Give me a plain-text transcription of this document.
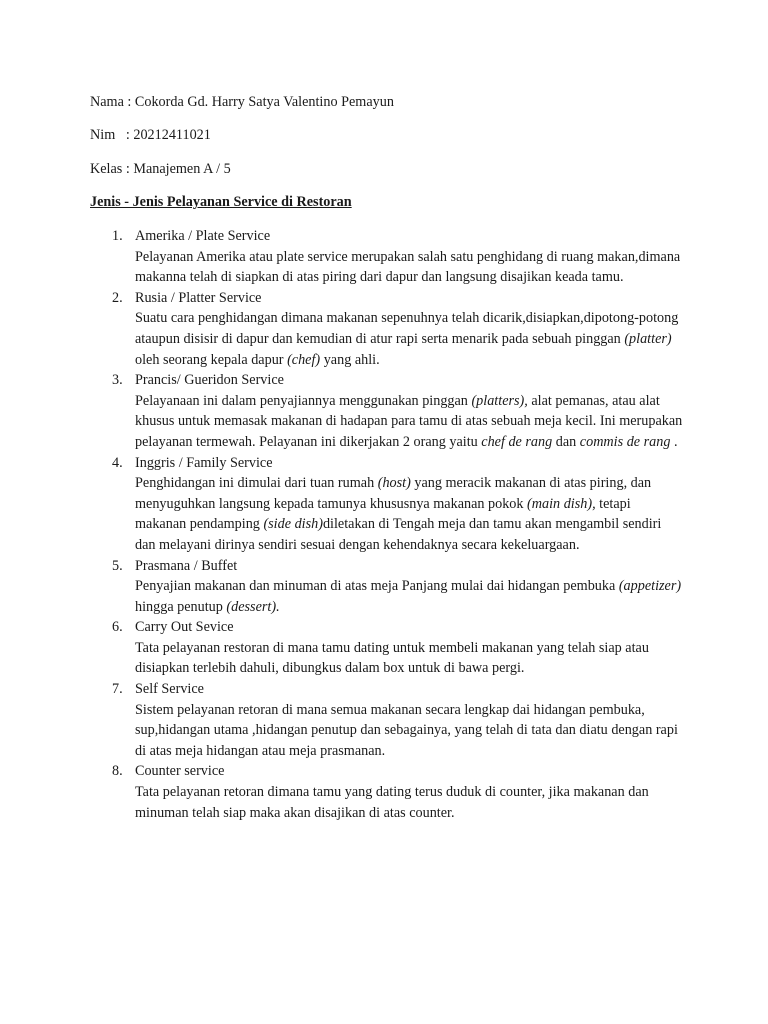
Nama : Cokorda Gd. Harry Satya Valentino Pemayun
Nim   : 20212411021
Kelas : Manajemen A / 5
Jenis - Jenis Pelayanan Service di Restoran
1. Amerika / Plate Service

Pelayanan Amerika atau plate service merupakan salah satu penghidang di ruang makan,dimana makanna telah di siapkan di atas piring dari dapur dan langsung disajikan keada tamu.

2. Rusia / Platter Service

Suatu cara penghidangan dimana makanan sepenuhnya telah dicarik,disiapkan,dipotong-potong ataupun disisir di dapur dan kemudian di atur rapi serta menarik pada sebuah pinggan (platter) oleh seorang kepala dapur (chef) yang ahli.

3. Prancis/ Gueridon Service

Pelayanaan ini dalam penyajiannya menggunakan pinggan (platters), alat pemanas, atau alat khusus untuk memasak makanan di hadapan para tamu di atas sebuah meja kecil. Ini merupakan pelayanan termewah. Pelayanan ini dikerjakan 2 orang yaitu chef de rang dan commis de rang .

4. Inggris / Family Service

Penghidangan ini dimulai dari tuan rumah (host) yang meracik makanan di atas piring, dan menyuguhkan langsung kepada tamunya khususnya makanan pokok (main dish), tetapi makanan pendamping (side dish)diletakan di Tengah meja dan tamu akan mengambil sendiri dan melayani dirinya sendiri sesuai dengan kehendaknya secara kekeluargaan.

5. Prasmana / Buffet

Penyajian makanan dan minuman di atas meja Panjang mulai dai hidangan pembuka (appetizer) hingga penutup (dessert).

6. Carry Out Sevice

Tata pelayanan restoran di mana tamu dating untuk membeli makanan yang telah siap atau disiapkan terlebih dahuli, dibungkus dalam box untuk di bawa pergi.

7. Self Service

Sistem pelayanan retoran di mana semua makanan secara lengkap dai hidangan pembuka, sup,hidangan utama ,hidangan penutup dan sebagainya, yang telah di tata dan diatu dengan rapi di atas meja hidangan atau meja prasmanan.

8. Counter service

Tata pelayanan retoran dimana tamu yang dating terus duduk di counter, jika makanan dan minuman telah siap maka akan disajikan di atas counter.
